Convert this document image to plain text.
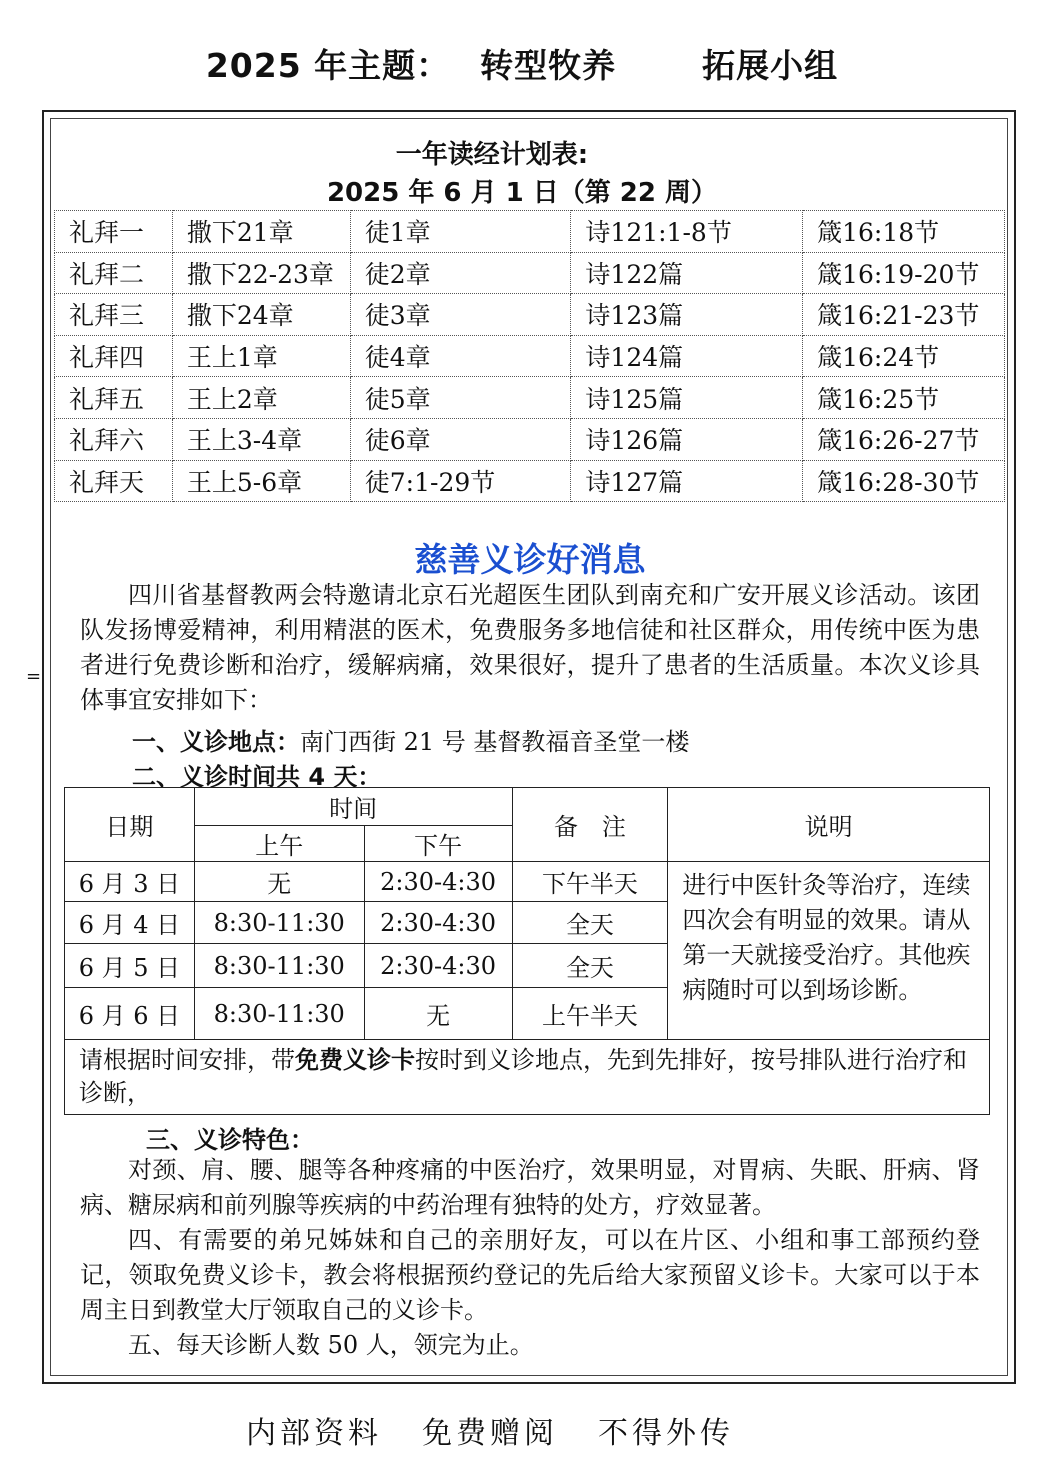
2025 年主题： 转型牧养	拓展小组
=
一年读经计划表:
2025 年 6 月 1 日（第 22 周）
礼拜一	撒下21章	徒1章	诗121:1-8节	箴16:18节
礼拜二	撒下22-23章	徒2章	诗122篇	箴16:19-20节
礼拜三	撒下24章	徒3章	诗123篇	箴16:21-23节
礼拜四	王上1章	徒4章	诗124篇	箴16:24节
礼拜五	王上2章	徒5章	诗125篇	箴16:25节
礼拜六	王上3-4章	徒6章	诗126篇	箴16:26-27节
礼拜天	王上5-6章	徒7:1-29节	诗127篇	箴16:28-30节
慈善义诊好消息

四川省基督教两会特邀请北京石光超医生团队到南充和广安开展义诊活动。该团队发扬博爱精神，利用精湛的医术，免费服务多地信徒和社区群众，用传统中医为患者进行免费诊断和治疗，缓解病痛，效果很好，提升了患者的生活质量。本次义诊具体事宜安排如下：

一、义诊地点：南门西街 21 号 基督教福音圣堂一楼
二、义诊时间共 4 天：
日期	时间		备　注	说明
	上午	下午		
6 月 3 日	无	2:30-4:30	下午半天	进行中医针灸等治疗，连续四次会有明显的效果。请从第一天就接受治疗。其他疾病随时可以到场诊断。
6 月 4 日	8:30-11:30	2:30-4:30	全天	
6 月 5 日	8:30-11:30	2:30-4:30	全天	
6 月 6 日	8:30-11:30	无	上午半天	
请根据时间安排，带免费义诊卡按时到义诊地点，先到先排好，按号排队进行治疗和诊断，				
三、义诊特色：

对颈、肩、腰、腿等各种疼痛的中医治疗，效果明显，对胃病、失眠、肝病、肾病、糖尿病和前列腺等疾病的中药治理有独特的处方，疗效显著。

四、有需要的弟兄姊妹和自己的亲朋好友，可以在片区、小组和事工部预约登记，领取免费义诊卡，教会将根据预约登记的先后给大家预留义诊卡。大家可以于本周主日到教堂大厅领取自己的义诊卡。

五、每天诊断人数 50 人，领完为止。

内部资料 免费赠阅 不得外传
